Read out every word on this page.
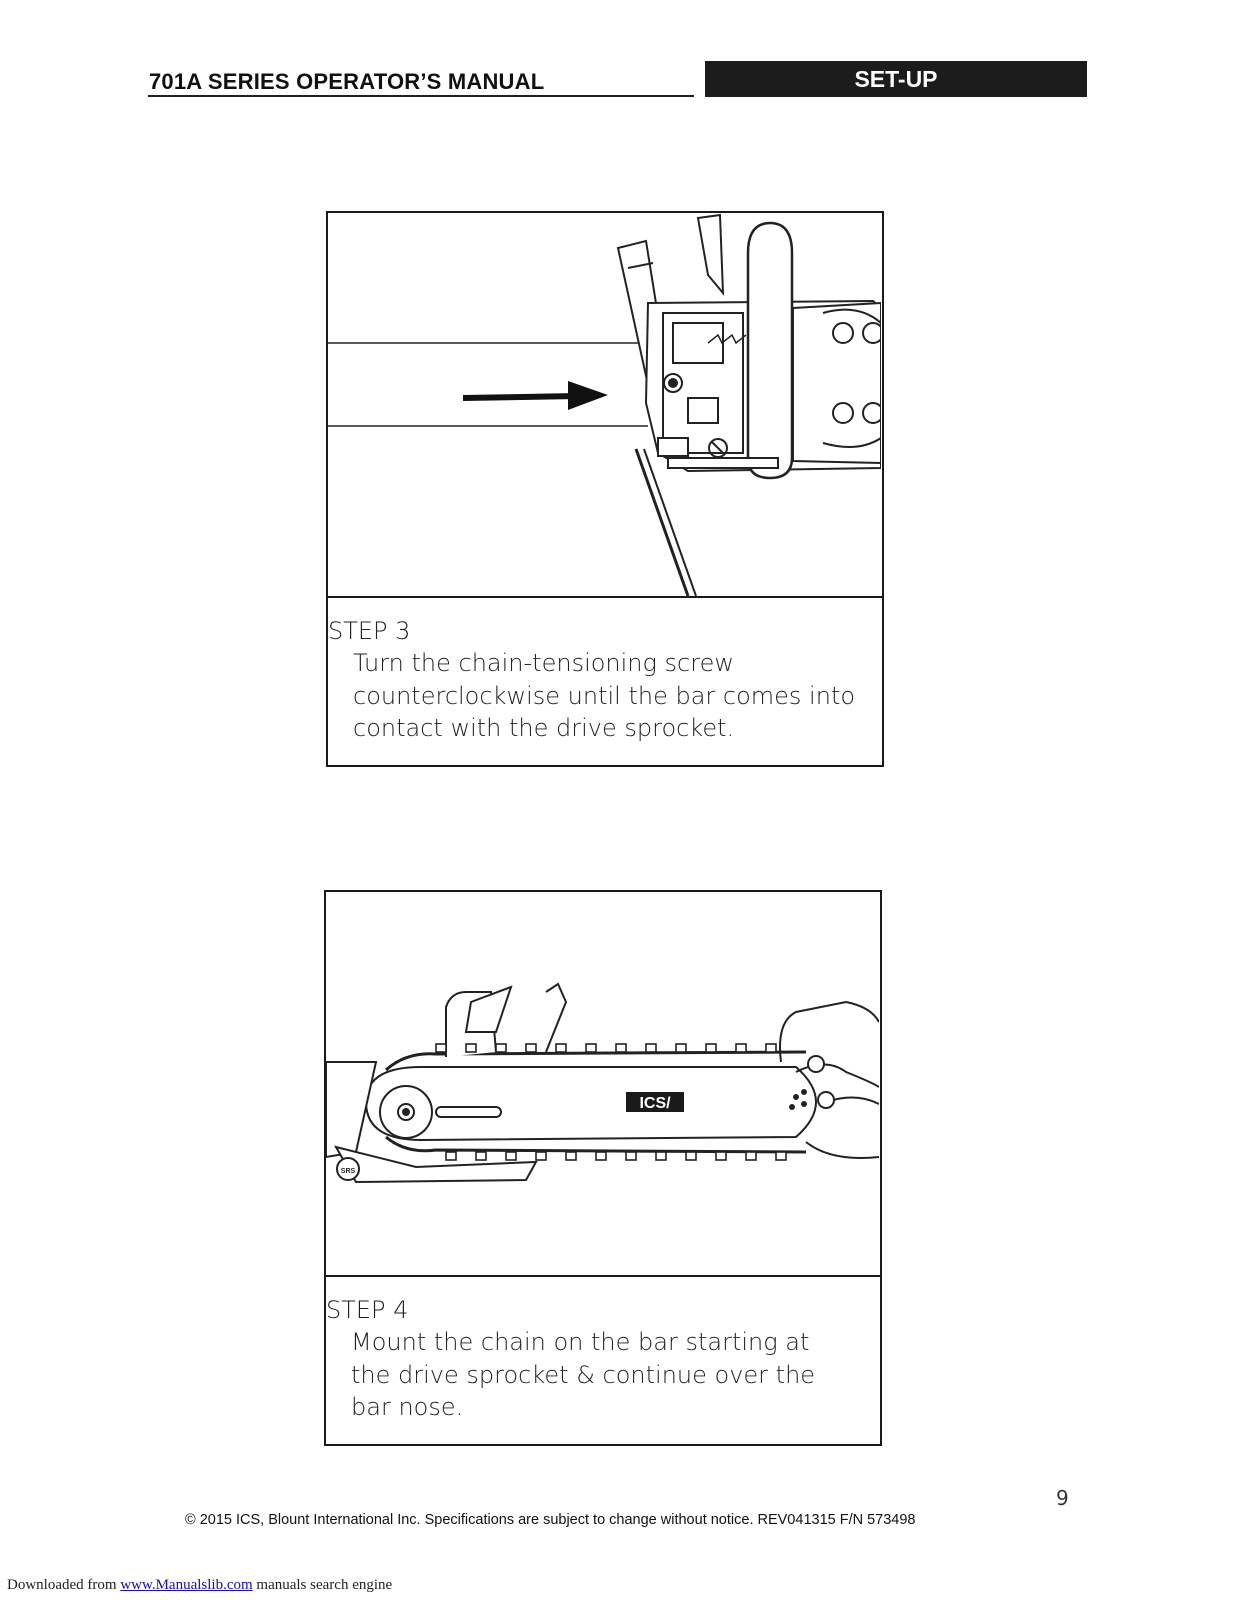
701A SERIES OPERATOR’S MANUAL	SET-UP
STEP 3
Turn the chain-tensioning screw
counterclockwise until the bar comes into
contact with the drive sprocket.
ICS/
SRS
STEP 4
Mount the chain on the bar starting at
the drive sprocket & continue over the
bar nose.
9
© 2015 ICS, Blount International Inc. Specifications are subject to change without notice. REV041315 F/N 573498
Downloaded from www.Manualslib.com manuals search engine
